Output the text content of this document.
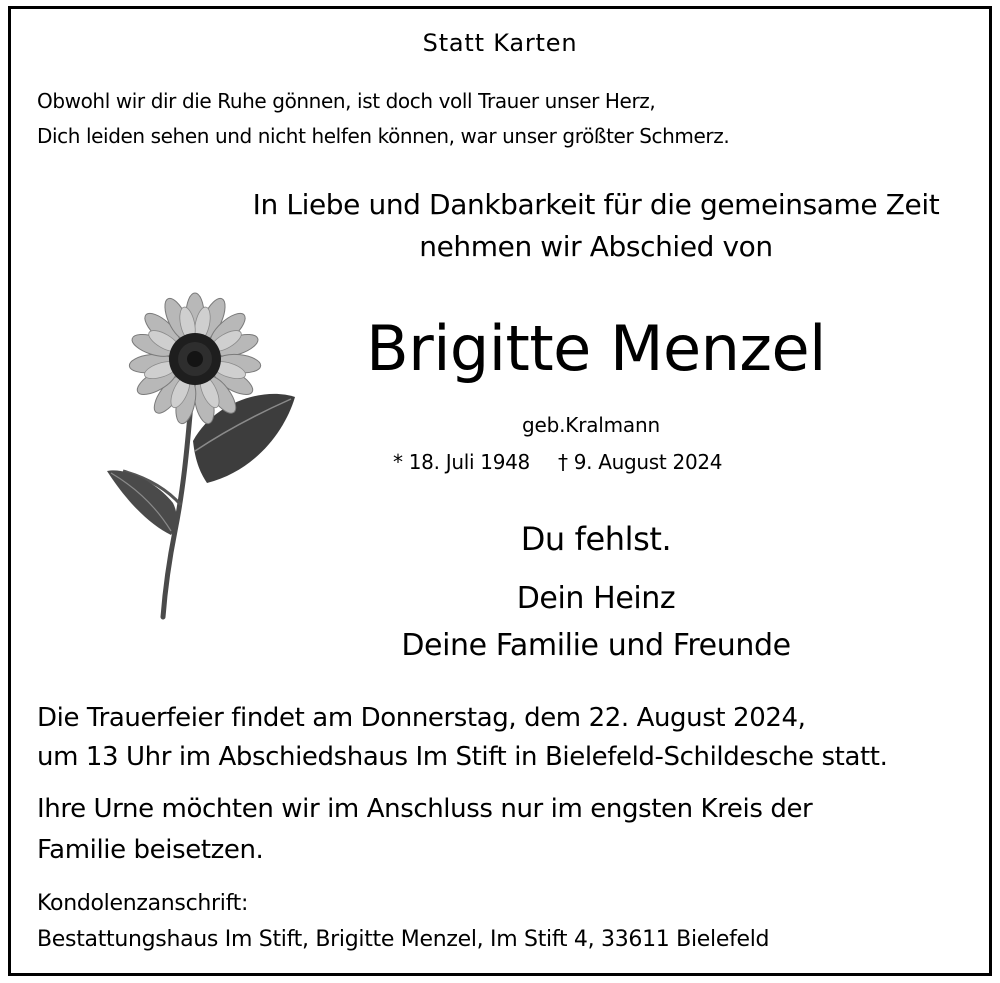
Statt Karten
Obwohl wir dir die Ruhe gönnen, ist doch voll Trauer unser Herz,
Dich leiden sehen und nicht helfen können, war unser größter Schmerz.
In Liebe und Dankbarkeit für die gemeinsame Zeit
nehmen wir Abschied von
Brigitte Menzel
geb.Kralmann
* 18. Juli 1948 † 9. August 2024
Du fehlst.
Dein Heinz
Deine Familie und Freunde
Die Trauerfeier findet am Donnerstag, dem 22. August 2024,
um 13 Uhr im Abschiedshaus Im Stift in Bielefeld-Schildesche statt.
Ihre Urne möchten wir im Anschluss nur im engsten Kreis der
Familie beisetzen.
Kondolenzanschrift:
Bestattungshaus Im Stift, Brigitte Menzel, Im Stift 4, 33611 Bielefeld
